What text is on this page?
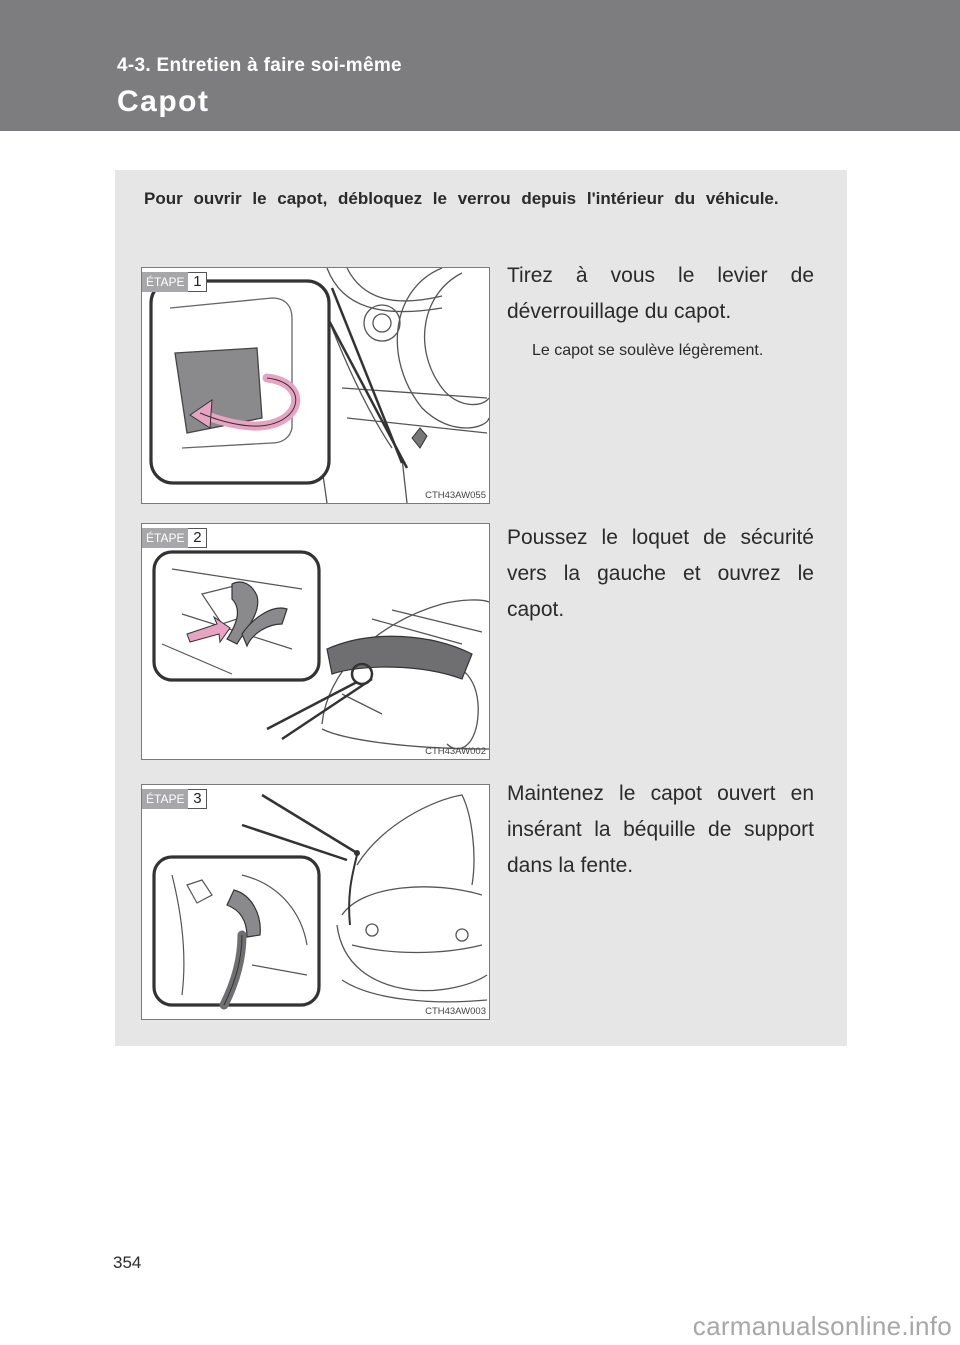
4-3. Entretien à faire soi-même
Capot
Pour ouvrir le capot, débloquez le verrou depuis l'intérieur du véhicule.
ÉTAPE 1
CTH43AW055
Tirez à vous le levier de déverrouillage du capot.
Le capot se soulève légèrement.
ÉTAPE 2
CTH43AW002
Poussez le loquet de sécurité vers la gauche et ouvrez le capot.
ÉTAPE 3
CTH43AW003
Maintenez le capot ouvert en insérant la béquille de support dans la fente.
354
carmanualsonline.info
